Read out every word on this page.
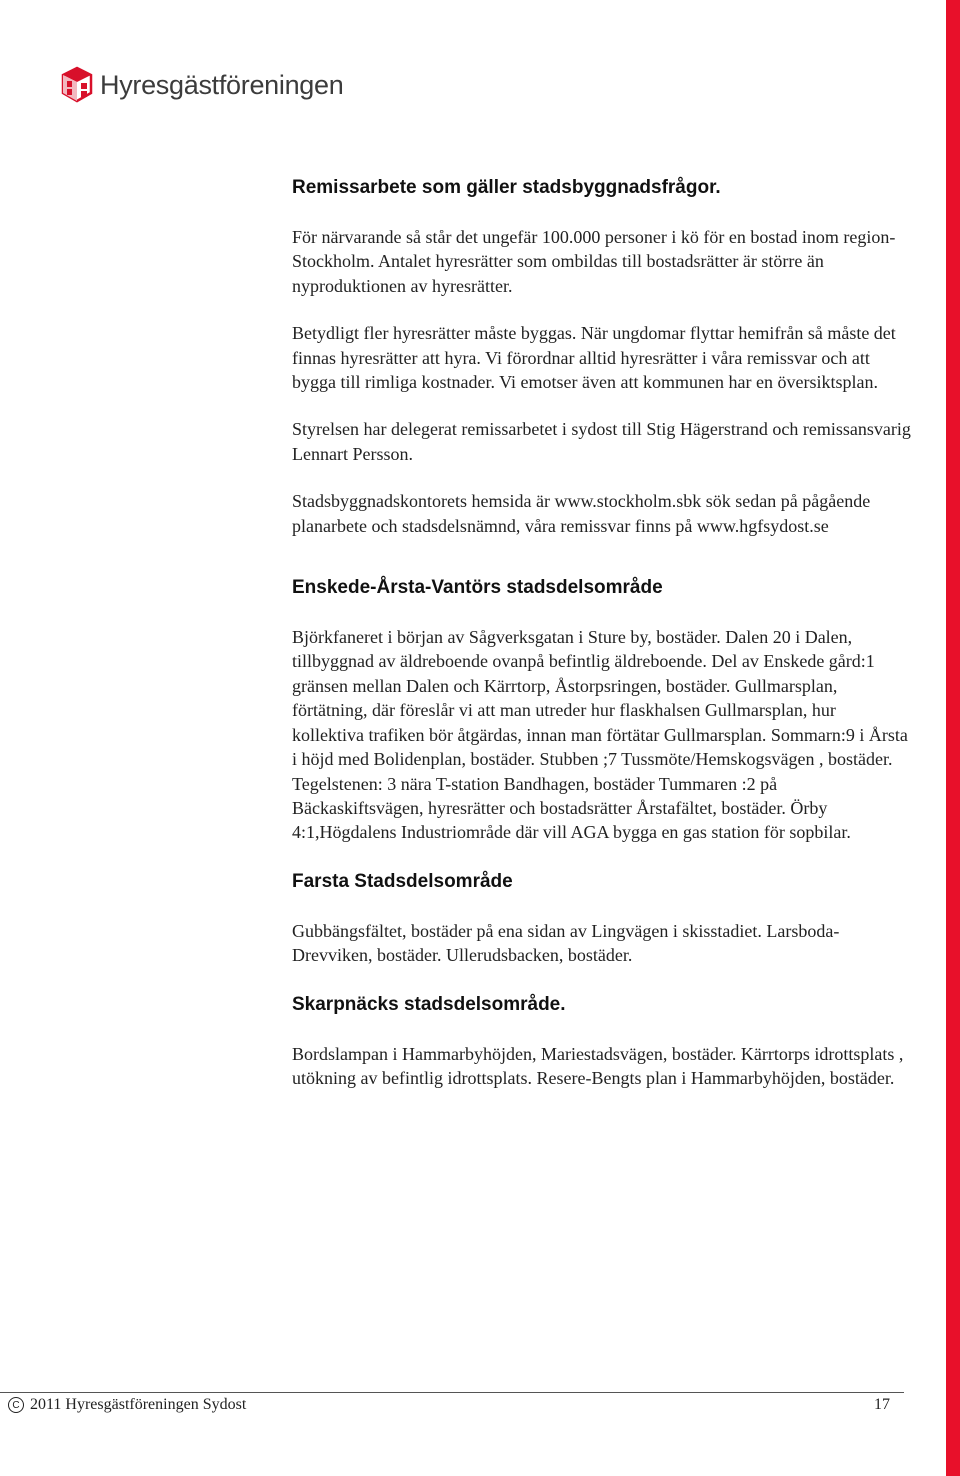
Hyresgästföreningen
Remissarbete som gäller stadsbyggnadsfrågor.

För närvarande så står det ungefär 100.000 personer i kö för en bostad inom region-Stockholm. Antalet hyresrätter som ombildas till bostadsrätter är större än nyproduktionen av hyresrätter.

Betydligt fler hyresrätter måste byggas. När ungdomar flyttar hemifrån så måste det finnas hyresrätter att hyra. Vi förordnar alltid hyresrätter i våra remissvar och att bygga till rimliga kostnader. Vi emotser även att kommunen har en översiktsplan.

Styrelsen har delegerat remissarbetet i sydost till Stig Hägerstrand och remissansvarig Lennart Persson.

Stadsbyggnadskontorets hemsida är www.stockholm.sbk sök sedan på pågående planarbete och stadsdelsnämnd, våra remissvar finns på www.hgfsydost.se

Enskede-Årsta-Vantörs stadsdelsområde

Björkfaneret i början av Sågverksgatan i Sture by, bostäder. Dalen 20 i Dalen, tillbyggnad av äldreboende ovanpå befintlig äldreboende. Del av Enskede gård:1 gränsen mellan Dalen och Kärrtorp, Åstorpsringen, bostäder. Gullmarsplan, förtätning, där föreslår vi att man utreder hur flaskhalsen Gullmarsplan, hur kollektiva trafiken bör åtgärdas, innan man förtätar Gullmarsplan. Sommarn:9 i Årsta i höjd med Bolidenplan, bostäder. Stubben ;7 Tussmöte/Hemskogsvägen , bostäder. Tegelstenen: 3 nära T-station Bandhagen, bostäder Tummaren :2 på Bäckaskiftsvägen, hyresrätter och bostadsrätter Årstafältet, bostäder. Örby 4:1,Högdalens Industriområde där vill AGA bygga en gas station för sopbilar.

Farsta Stadsdelsområde

Gubbängsfältet, bostäder på ena sidan av Lingvägen i skisstadiet. Larsboda-Drevviken, bostäder. Ullerudsbacken, bostäder.

Skarpnäcks stadsdelsområde.

Bordslampan i Hammarbyhöjden, Mariestadsvägen, bostäder. Kärrtorps idrottsplats , utökning av befintlig idrottsplats. Resere-Bengts plan i Hammarbyhöjden, bostäder.

C 2011 Hyresgästföreningen Sydost	17
